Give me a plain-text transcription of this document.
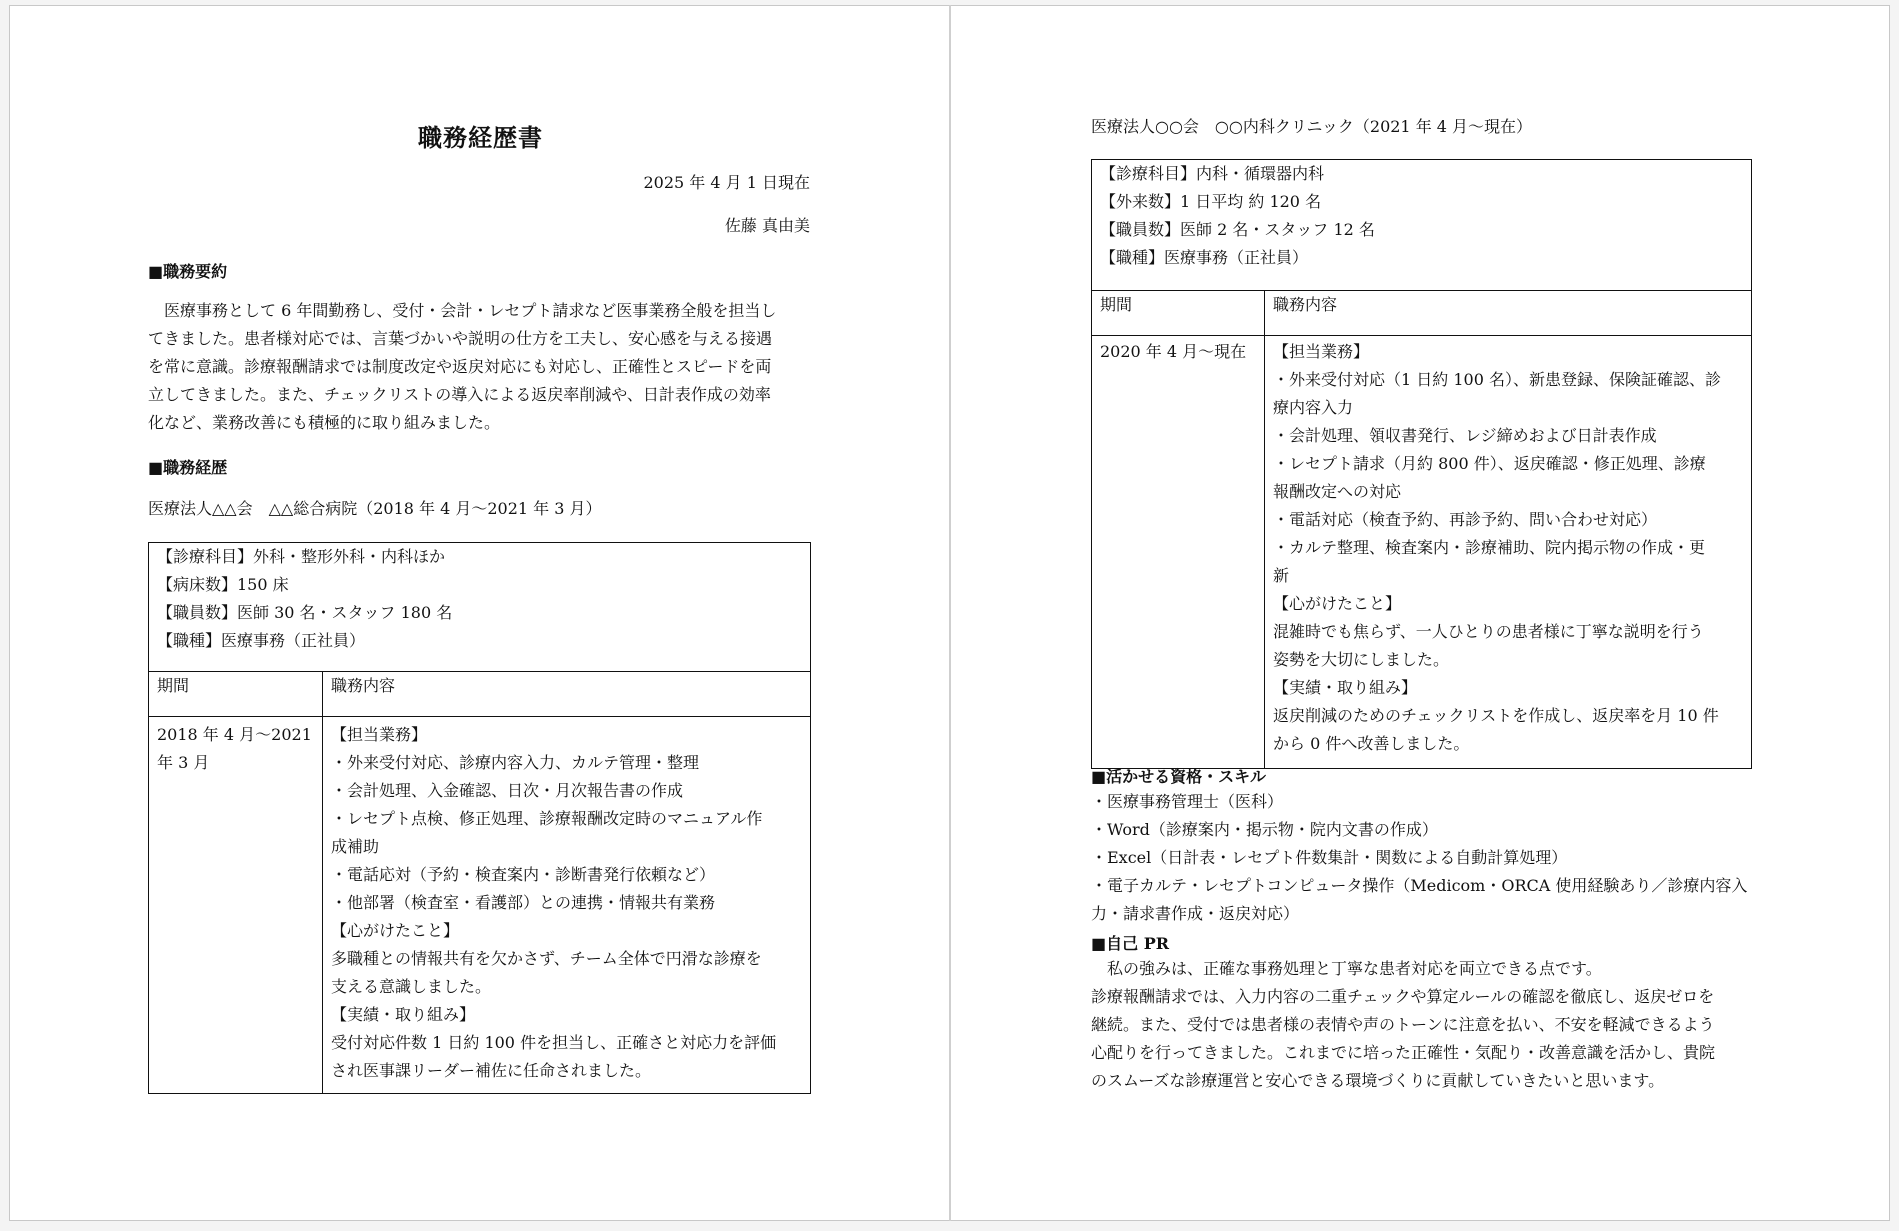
職務経歴書
2025 年 4 月 1 日現在
佐藤 真由美
■職務要約
　医療事務として 6 年間勤務し、受付・会計・レセプト請求など医事業務全般を担当し
てきました。患者様対応では、言葉づかいや説明の仕方を工夫し、安心感を与える接遇
を常に意識。診療報酬請求では制度改定や返戻対応にも対応し、正確性とスピードを両
立してきました。また、チェックリストの導入による返戻率削減や、日計表作成の効率
化など、業務改善にも積極的に取り組みました。
■職務経歴
医療法人△△会　△△総合病院（2018 年 4 月～2021 年 3 月）
【診療科目】外科・整形外科・内科ほか
【病床数】150 床
【職員数】医師 30 名・スタッフ 180 名
【職種】医療事務（正社員）	

期間	職務内容

2018 年 4 月～2021
年 3 月

【担当業務】
・外来受付対応、診療内容入力、カルテ管理・整理
・会計処理、入金確認、日次・月次報告書の作成
・レセプト点検、修正処理、診療報酬改定時のマニュアル作
成補助
・電話応対（予約・検査案内・診断書発行依頼など）
・他部署（検査室・看護部）との連携・情報共有業務
【心がけたこと】
多職種との情報共有を欠かさず、チーム全体で円滑な診療を
支える意識しました。
【実績・取り組み】
受付対応件数 1 日約 100 件を担当し、正確さと対応力を評価
され医事課リーダー補佐に任命されました。
医療法人○○会　○○内科クリニック（2021 年 4 月～現在）
【診療科目】内科・循環器内科
【外来数】1 日平均 約 120 名
【職員数】医師 2 名・スタッフ 12 名
【職種】医療事務（正社員）	

期間	職務内容

2020 年 4 月～現在	【担当業務】
・外来受付対応（1 日約 100 名）、新患登録、保険証確認、診
療内容入力
・会計処理、領収書発行、レジ締めおよび日計表作成
・レセプト請求（月約 800 件）、返戻確認・修正処理、診療
報酬改定への対応
・電話対応（検査予約、再診予約、問い合わせ対応）
・カルテ整理、検査案内・診療補助、院内掲示物の作成・更
新
【心がけたこと】
混雑時でも焦らず、一人ひとりの患者様に丁寧な説明を行う
姿勢を大切にしました。
【実績・取り組み】
返戻削減のためのチェックリストを作成し、返戻率を月 10 件
から 0 件へ改善しました。
■活かせる資格・スキル
・医療事務管理士（医科）
・Word（診療案内・掲示物・院内文書の作成）
・Excel（日計表・レセプト件数集計・関数による自動計算処理）
・電子カルテ・レセプトコンピュータ操作（Medicom・ORCA 使用経験あり／診療内容入
力・請求書作成・返戻対応）
■自己 PR
　私の強みは、正確な事務処理と丁寧な患者対応を両立できる点です。
診療報酬請求では、入力内容の二重チェックや算定ルールの確認を徹底し、返戻ゼロを
継続。また、受付では患者様の表情や声のトーンに注意を払い、不安を軽減できるよう
心配りを行ってきました。これまでに培った正確性・気配り・改善意識を活かし、貴院
のスムーズな診療運営と安心できる環境づくりに貢献していきたいと思います。
